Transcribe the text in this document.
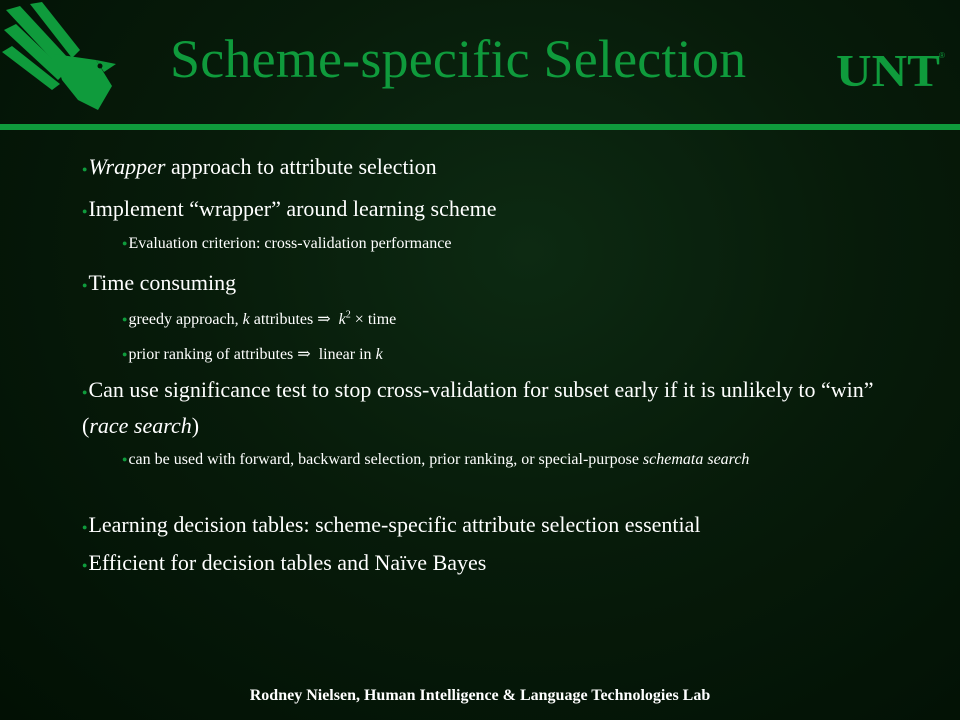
Scheme-specific Selection UNT ®
●Wrapper approach to attribute selection
●Implement “wrapper” around learning scheme
●Evaluation criterion: cross-validation performance
●Time consuming
●greedy approach, k attributes ⇒ $k^2$ × time
●prior ranking of attributes ⇒  linear in k
●Can use significance test to stop cross-validation for subset early if it is unlikely to “win” (race search)
●can be used with forward, backward selection, prior ranking, or special-purpose schemata search
●Learning decision tables: scheme-specific attribute selection essential
●Efficient for decision tables and Naïve Bayes
Rodney Nielsen, Human Intelligence & Language Technologies Lab
